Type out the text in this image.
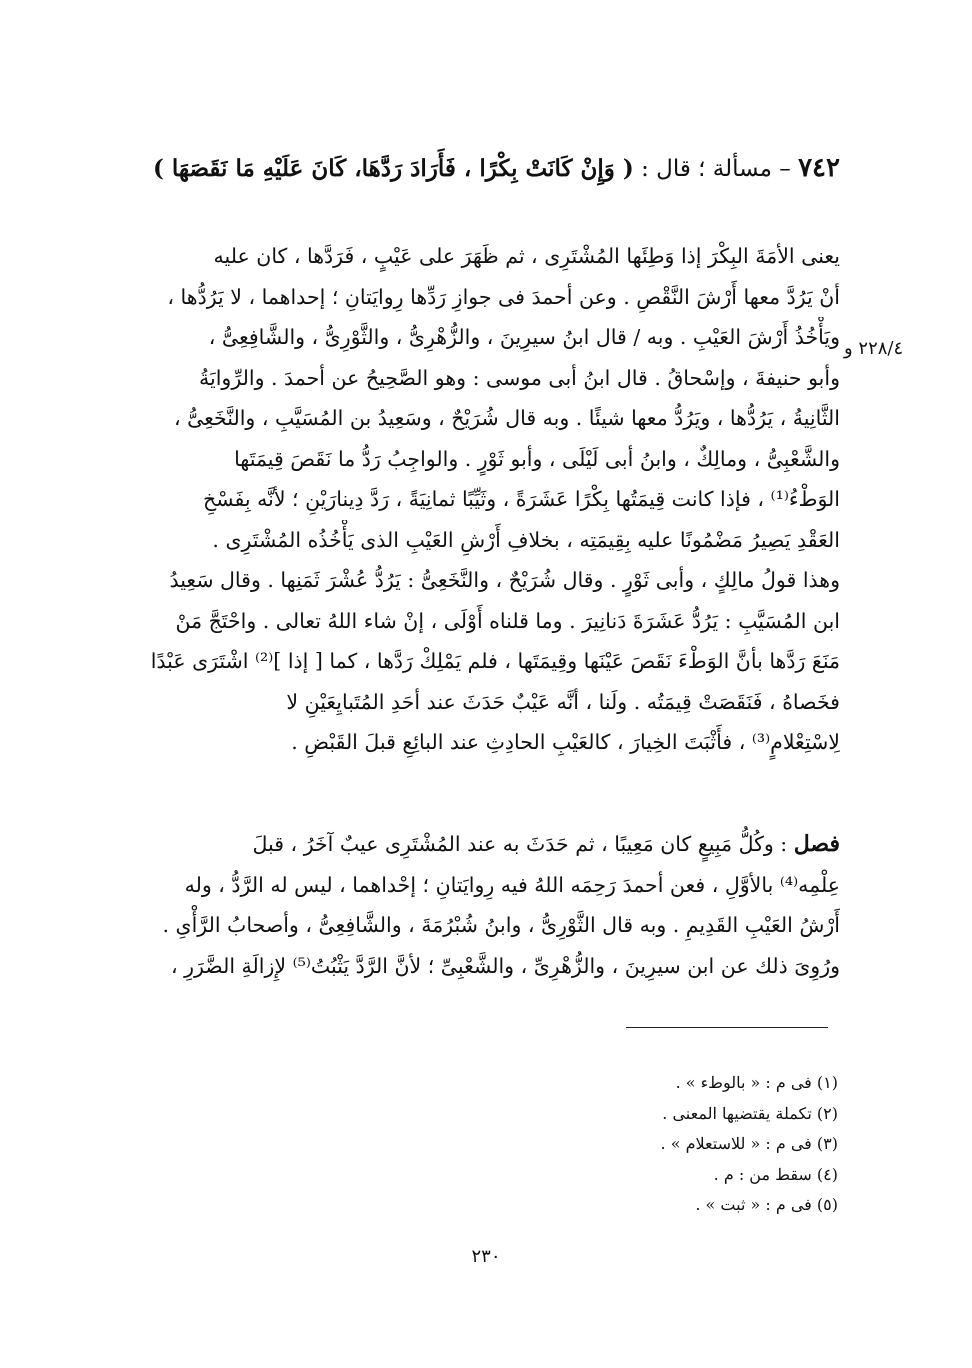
٢٢٨/٤ و
٧٤٢ – مسألة ؛ قال : ( وَإِنْ كَانَتْ بِكْرًا ، فَأَرَادَ رَدَّهَا، كَانَ عَلَيْهِ مَا نَقَصَهَا )
يعنى الأمَةَ البِكْرَ إذا وَطِئَها المُشْتَرِى ، ثم ظَهَرَ على عَيْبٍ ، فَرَدَّها ، كان عليه
أنْ يَرُدَّ معها أَرْشَ النَّقْصِ . وعن أحمدَ فى جوازِ رَدِّها رِوايَتانِ ؛ إحداهما ، لا يَرُدُّها ،
ويَأْخُذُ أَرْشَ العَيْبِ . وبه / قال ابنُ سيرِينَ ، والزُّهْرِىُّ ، والثَّوْرِىُّ ، والشَّافِعِىُّ ،
وأبو حنيفةَ ، وإسْحاقُ . قال ابنُ أبى موسى : وهو الصَّحِيحُ عن أحمدَ . والرِّوايَةُ
الثَّانِيةُ ، يَرُدُّها ، ويَرُدُّ معها شيئًا . وبه قال شُرَيْحٌ ، وسَعِيدُ بن المُسَيَّبِ ، والنَّخَعِىُّ ،
والشَّعْبِىُّ ، ومالِكٌ ، وابنُ أبى لَيْلَى ، وأبو ثَوْرٍ . والواجِبُ رَدُّ ما نَقَصَ قِيمَتَها
الوَطْءُ⁽¹⁾ ، فإذا كانت قِيمَتُها بِكْرًا عَشَرَةً ، وثَيِّبًا ثمانِيَةً ، رَدَّ دِينارَيْنِ ؛ لأنَّه بِفَسْخِ
العَقْدِ يَصِيرُ مَضْمُونًا عليه بِقِيمَتِه ، بخلافِ أَرْشِ العَيْبِ الذى يَأْخُذُه المُشْتَرِى .
وهذا قولُ مالِكٍ ، وأبى ثَوْرٍ . وقال شُرَيْحٌ ، والنَّخَعِىُّ : يَرُدُّ عُشْرَ ثَمَنِها . وقال سَعِيدُ
ابن المُسَيَّبِ : يَرُدُّ عَشَرَةَ دَنانِيرَ . وما قلناه أَوْلَى ، إنْ شاء اللهُ تعالى . واحْتَجَّ مَنْ
مَنَعَ رَدَّها بأنَّ الوَطْءَ نَقَصَ عَيْنَها وقِيمَتَها ، فلم يَمْلِكْ رَدَّها ، كما [ إذا ]⁽²⁾ اشْتَرَى عَبْدًا
فخَصاهُ ، فَنَقَصَتْ قِيمَتُه . ولَنا ، أنَّه عَيْبٌ حَدَثَ عند أحَدِ المُتَبايِعَيْنِ لا
لِاسْتِعْلامٍ⁽³⁾ ، فأَثْبَتَ الخِيارَ ، كالعَيْبِ الحادِثِ عند البائِعِ قبلَ القَبْضِ .
فصل : وكُلُّ مَبِيعٍ كان مَعِيبًا ، ثم حَدَثَ به عند المُشْتَرِى عيبٌ آخَرُ ، قبلَ
عِلْمِه⁽⁴⁾ بالأوَّلِ ، فعن أحمدَ رَحِمَه اللهُ فيه رِوايَتانِ ؛ إحْداهما ، ليس له الرَّدُّ ، وله
أَرْشُ العَيْبِ القَدِيمِ . وبه قال الثَّوْرِىُّ ، وابنُ شُبْرُمَةَ ، والشَّافِعِىُّ ، وأصحابُ الرَّأْىِ .
ورُوِىَ ذلك عن ابن سيرِينَ ، والزُّهْرِىِّ ، والشَّعْبِىِّ ؛ لأنَّ الرَّدَّ يَثْبُتُ⁽⁵⁾ لإِزالَةِ الضَّرَرِ ،
(١) فى م : « بالوطء » .
(٢) تكملة يقتضيها المعنى .
(٣) فى م : « للاستعلام » .
(٤) سقط من : م .
(٥) فى م : « ثبت » .
٢٣٠
